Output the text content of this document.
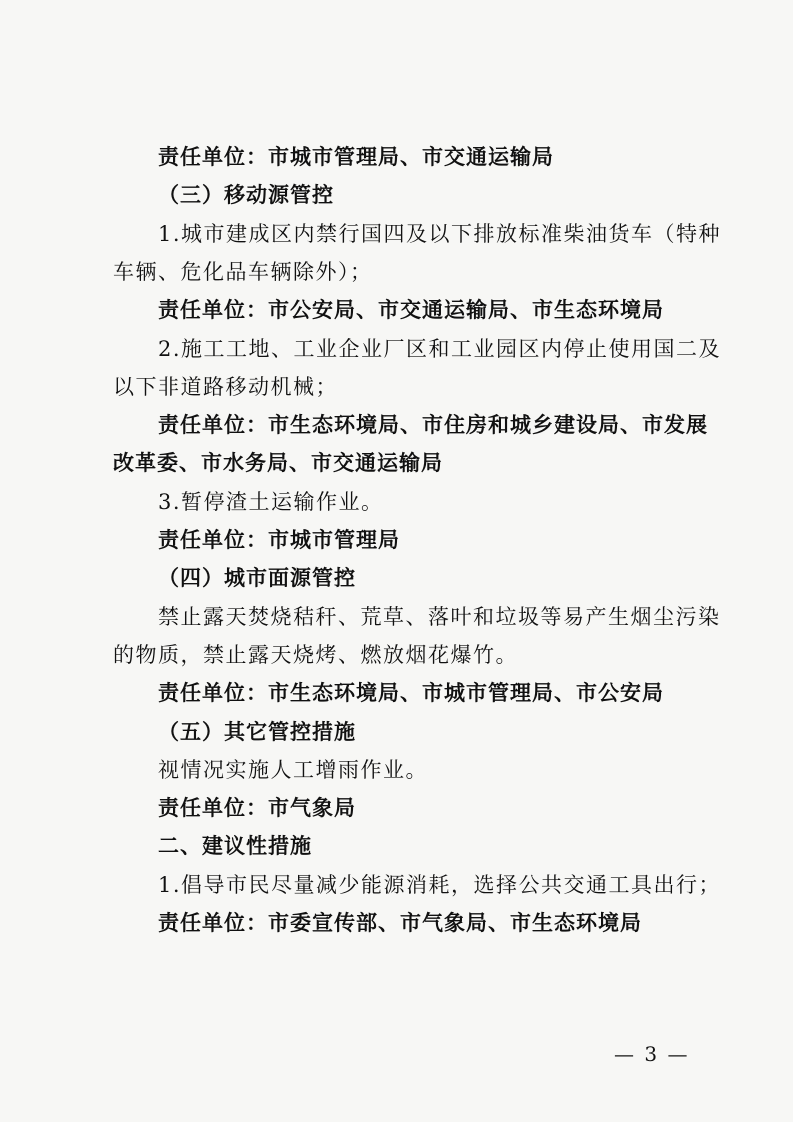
责任单位：市城市管理局、市交通运输局
（三）移动源管控
1.城市建成区内禁行国四及以下排放标准柴油货车（特种
车辆、危化品车辆除外）；
责任单位：市公安局、市交通运输局、市生态环境局
2.施工工地、工业企业厂区和工业园区内停止使用国二及
以下非道路移动机械；
责任单位：市生态环境局、市住房和城乡建设局、市发展
改革委、市水务局、市交通运输局
3.暂停渣土运输作业。
责任单位：市城市管理局
（四）城市面源管控
禁止露天焚烧秸秆、荒草、落叶和垃圾等易产生烟尘污染
的物质，禁止露天烧烤、燃放烟花爆竹。
责任单位：市生态环境局、市城市管理局、市公安局
（五）其它管控措施
视情况实施人工增雨作业。
责任单位：市气象局
二、建议性措施
1.倡导市民尽量减少能源消耗，选择公共交通工具出行；
责任单位：市委宣传部、市气象局、市生态环境局
— 3 —
